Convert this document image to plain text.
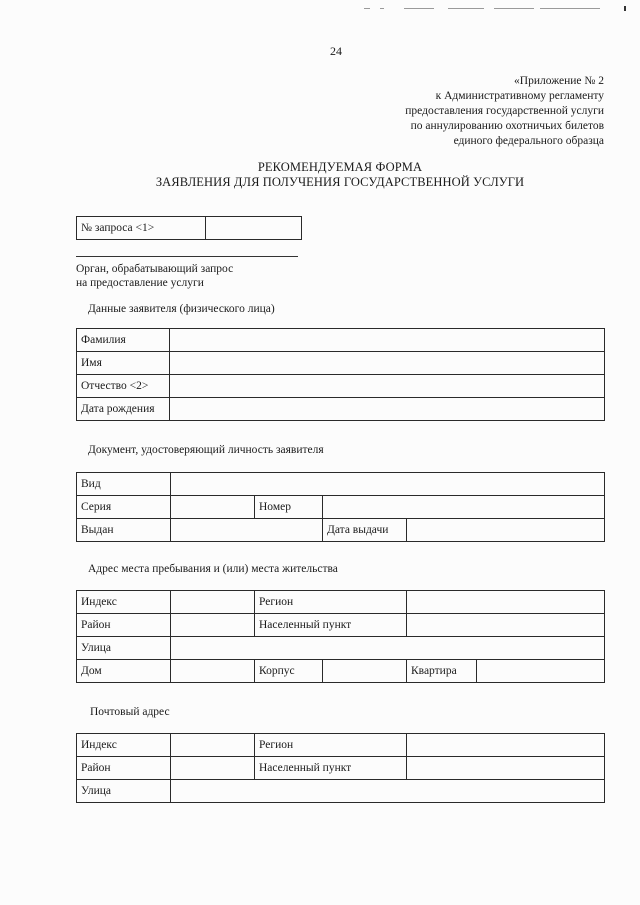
24
«Приложение № 2
к Административному регламенту
предоставления государственной услуги
по аннулированию охотничьих билетов
единого федерального образца
РЕКОМЕНДУЕМАЯ ФОРМА
ЗАЯВЛЕНИЯ ДЛЯ ПОЛУЧЕНИЯ ГОСУДАРСТВЕННОЙ УСЛУГИ
№ запроса <1>	
Орган, обрабатывающий запрос
на предоставление услуги
Данные заявителя (физического лица)
Фамилия	
Имя	
Отчество <2>	
Дата рождения	
Документ, удостоверяющий личность заявителя
Вид				
Серия		Номер		
Выдан			Дата выдачи	
Адрес места пребывания и (или) места жительства
Индекс		Регион			
Район		Населенный пункт			
Улица					
Дом		Корпус		Квартира	
Почтовый адрес
Индекс		Регион	
Район		Населенный пункт	
Улица			
